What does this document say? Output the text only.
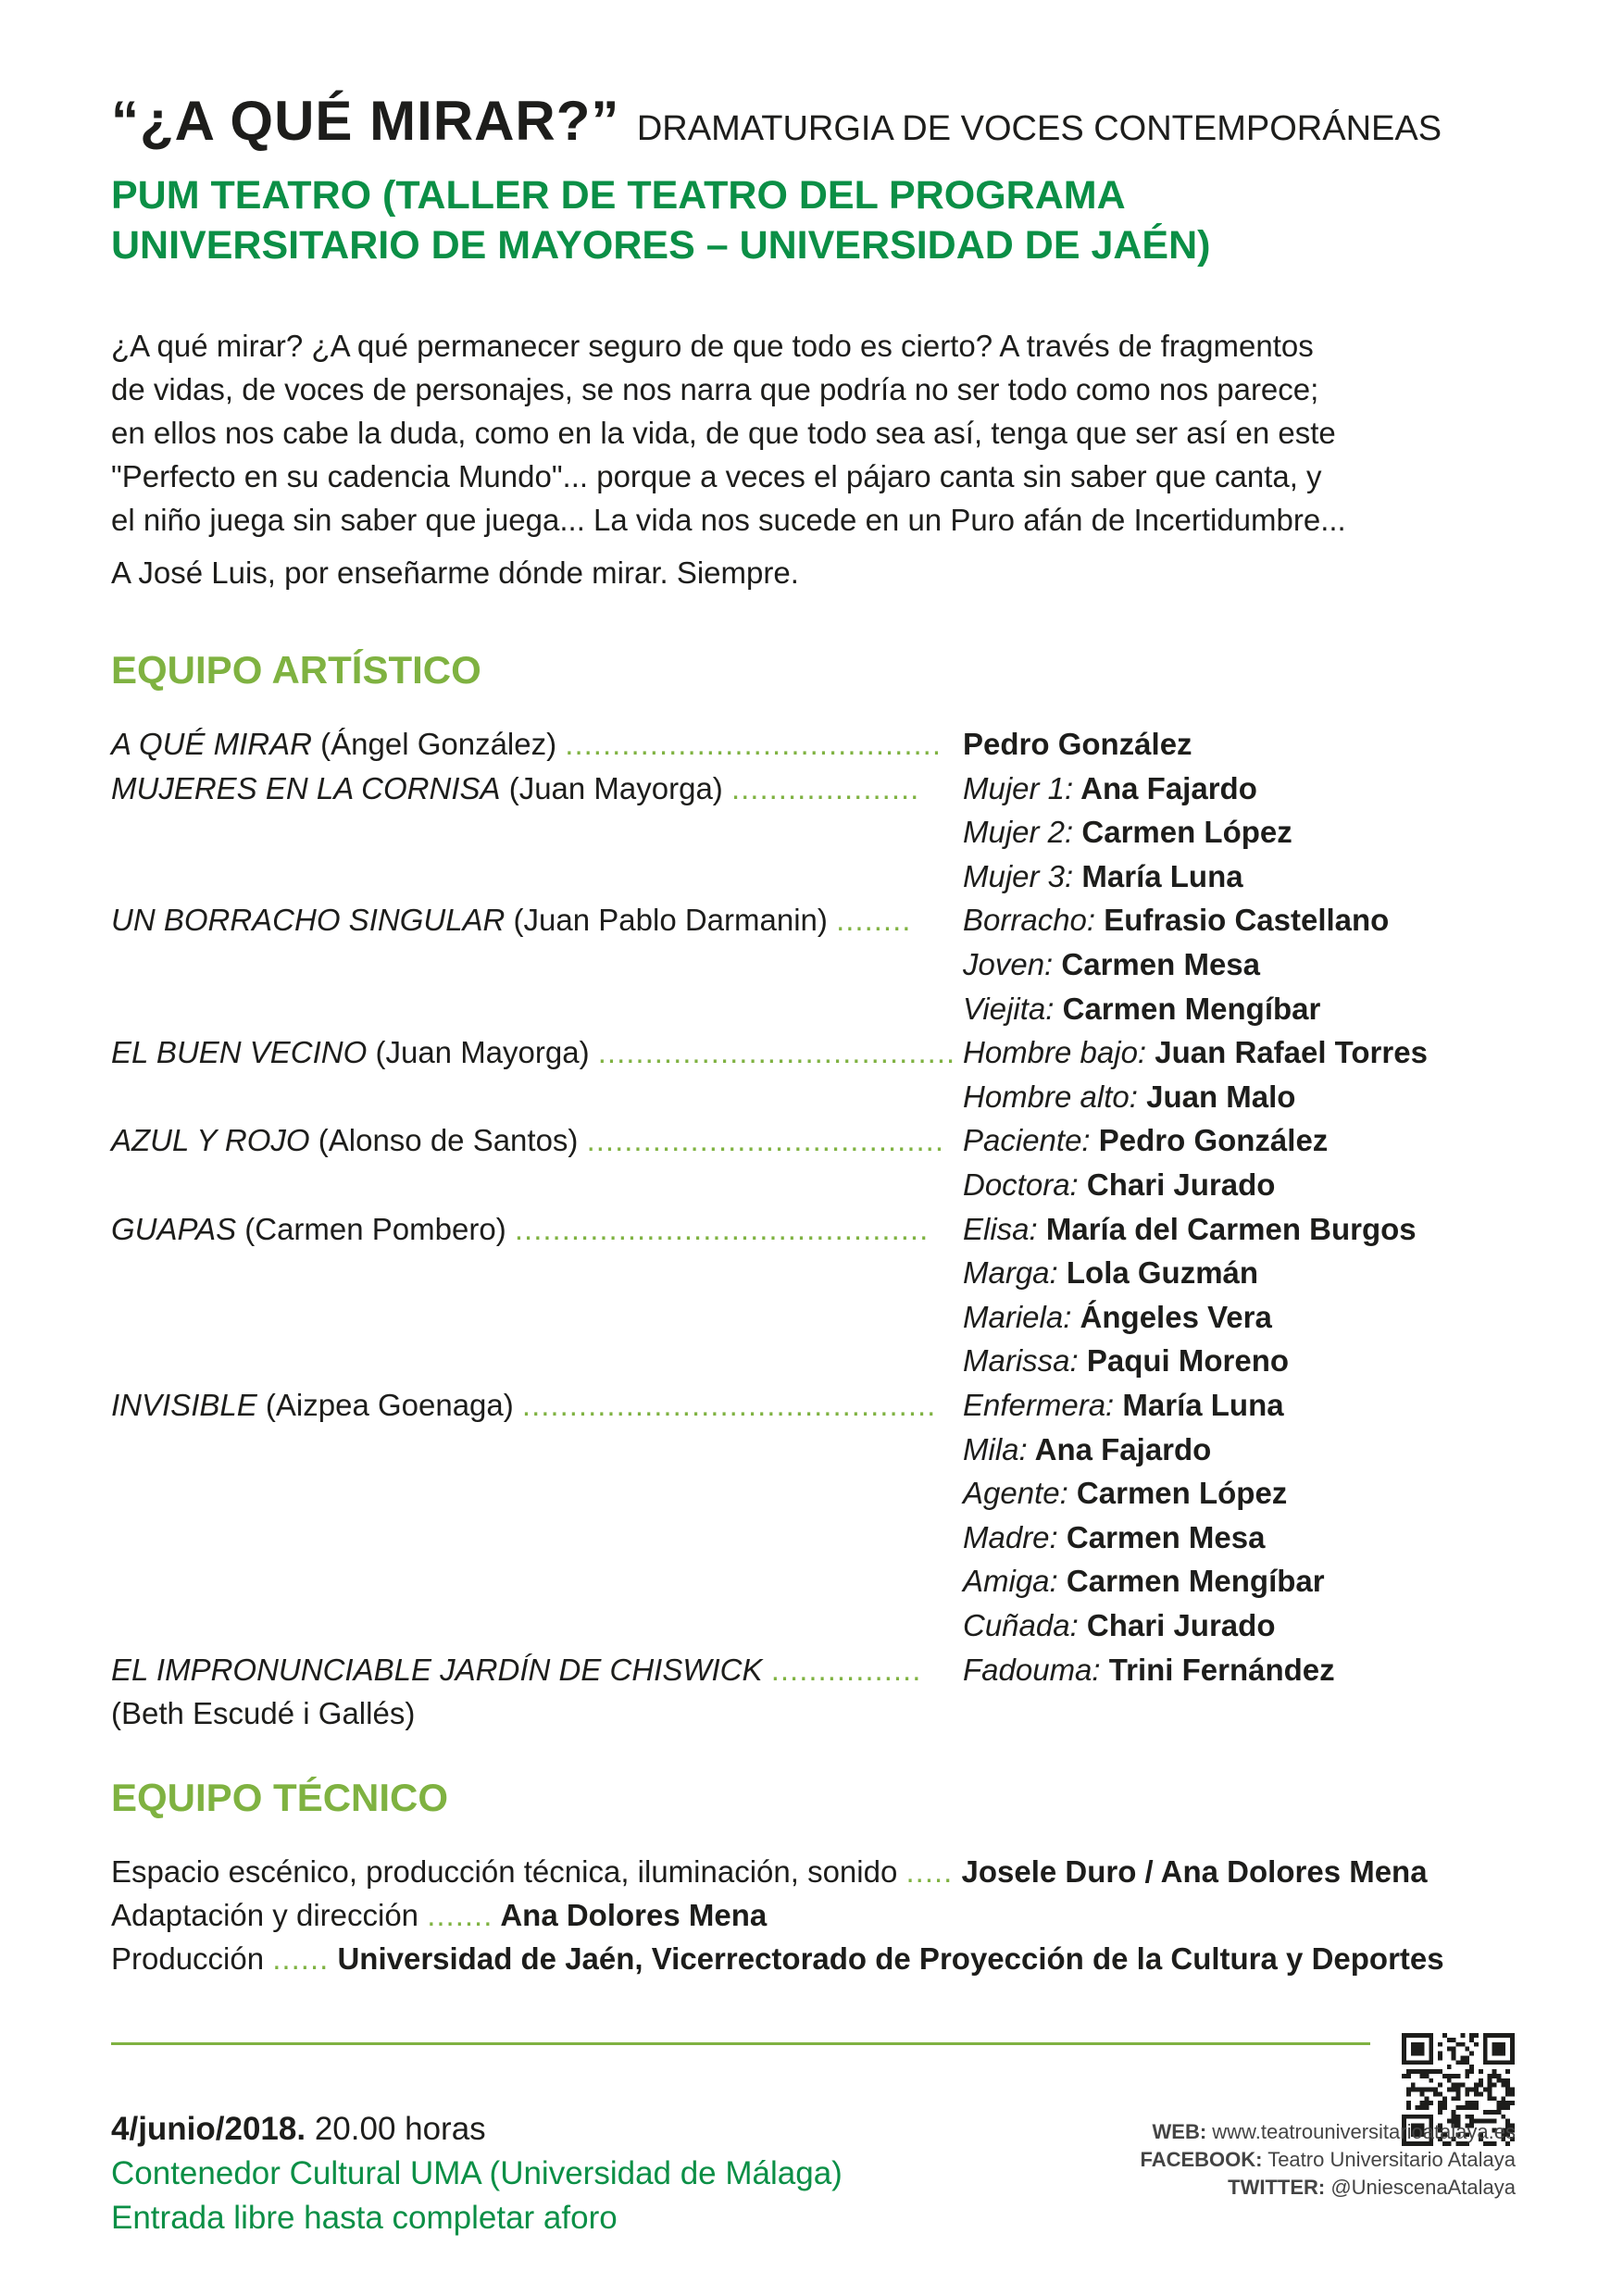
“¿A QUÉ MIRAR?” DRAMATURGIA DE VOCES CONTEMPORÁNEAS
PUM TEATRO (TALLER DE TEATRO DEL PROGRAMA
UNIVERSITARIO DE MAYORES – UNIVERSIDAD DE JAÉN)

¿A qué mirar? ¿A qué permanecer seguro de que todo es cierto? A través de fragmentos

de vidas, de voces de personajes, se nos narra que podría no ser todo como nos parece;

en ellos nos cabe la duda, como en la vida, de que todo sea así, tenga que ser así en este

"Perfecto en su cadencia Mundo"... porque a veces el pájaro canta sin saber que canta, y

el niño juega sin saber que juega... La vida nos sucede en un Puro afán de Incertidumbre...

A José Luis, por enseñarme dónde mirar. Siempre.
EQUIPO ARTÍSTICO
A QUÉ MIRAR (Ángel González) ........................................ Pedro González
MUJERES EN LA CORNISA (Juan Mayorga) .................... Mujer 1: Ana Fajardo
Mujer 2: Carmen López
Mujer 3: María Luna
UN BORRACHO SINGULAR (Juan Pablo Darmanin) ........ Borracho: Eufrasio Castellano
Joven: Carmen Mesa
Viejita: Carmen Mengíbar
EL BUEN VECINO (Juan Mayorga) ...................................... Hombre bajo: Juan Rafael Torres
Hombre alto: Juan Malo
AZUL Y ROJO (Alonso de Santos) ...................................... Paciente: Pedro González
Doctora: Chari Jurado
GUAPAS (Carmen Pombero) ............................................ Elisa: María del Carmen Burgos
Marga: Lola Guzmán
Mariela: Ángeles Vera
Marissa: Paqui Moreno
INVISIBLE (Aizpea Goenaga) ............................................ Enfermera: María Luna
Mila: Ana Fajardo
Agente: Carmen López
Madre: Carmen Mesa
Amiga: Carmen Mengíbar
Cuñada: Chari Jurado
EL IMPRONUNCIABLE JARDÍN DE CHISWICK ................ Fadouma: Trini Fernández
(Beth Escudé i Gallés)
EQUIPO TÉCNICO
Espacio escénico, producción técnica, iluminación, sonido ..... Josele Duro / Ana Dolores Mena
Adaptación y dirección ....... Ana Dolores Mena
Producción ...... Universidad de Jaén, Vicerrectorado de Proyección de la Cultura y Deportes
4/junio/2018. 20.00 horas
Contenedor Cultural UMA (Universidad de Málaga)
Entrada libre hasta completar aforo
WEB: www.teatrouniversitarioatalaya.es
FACEBOOK: Teatro Universitario Atalaya
TWITTER: @UniescenaAtalaya
